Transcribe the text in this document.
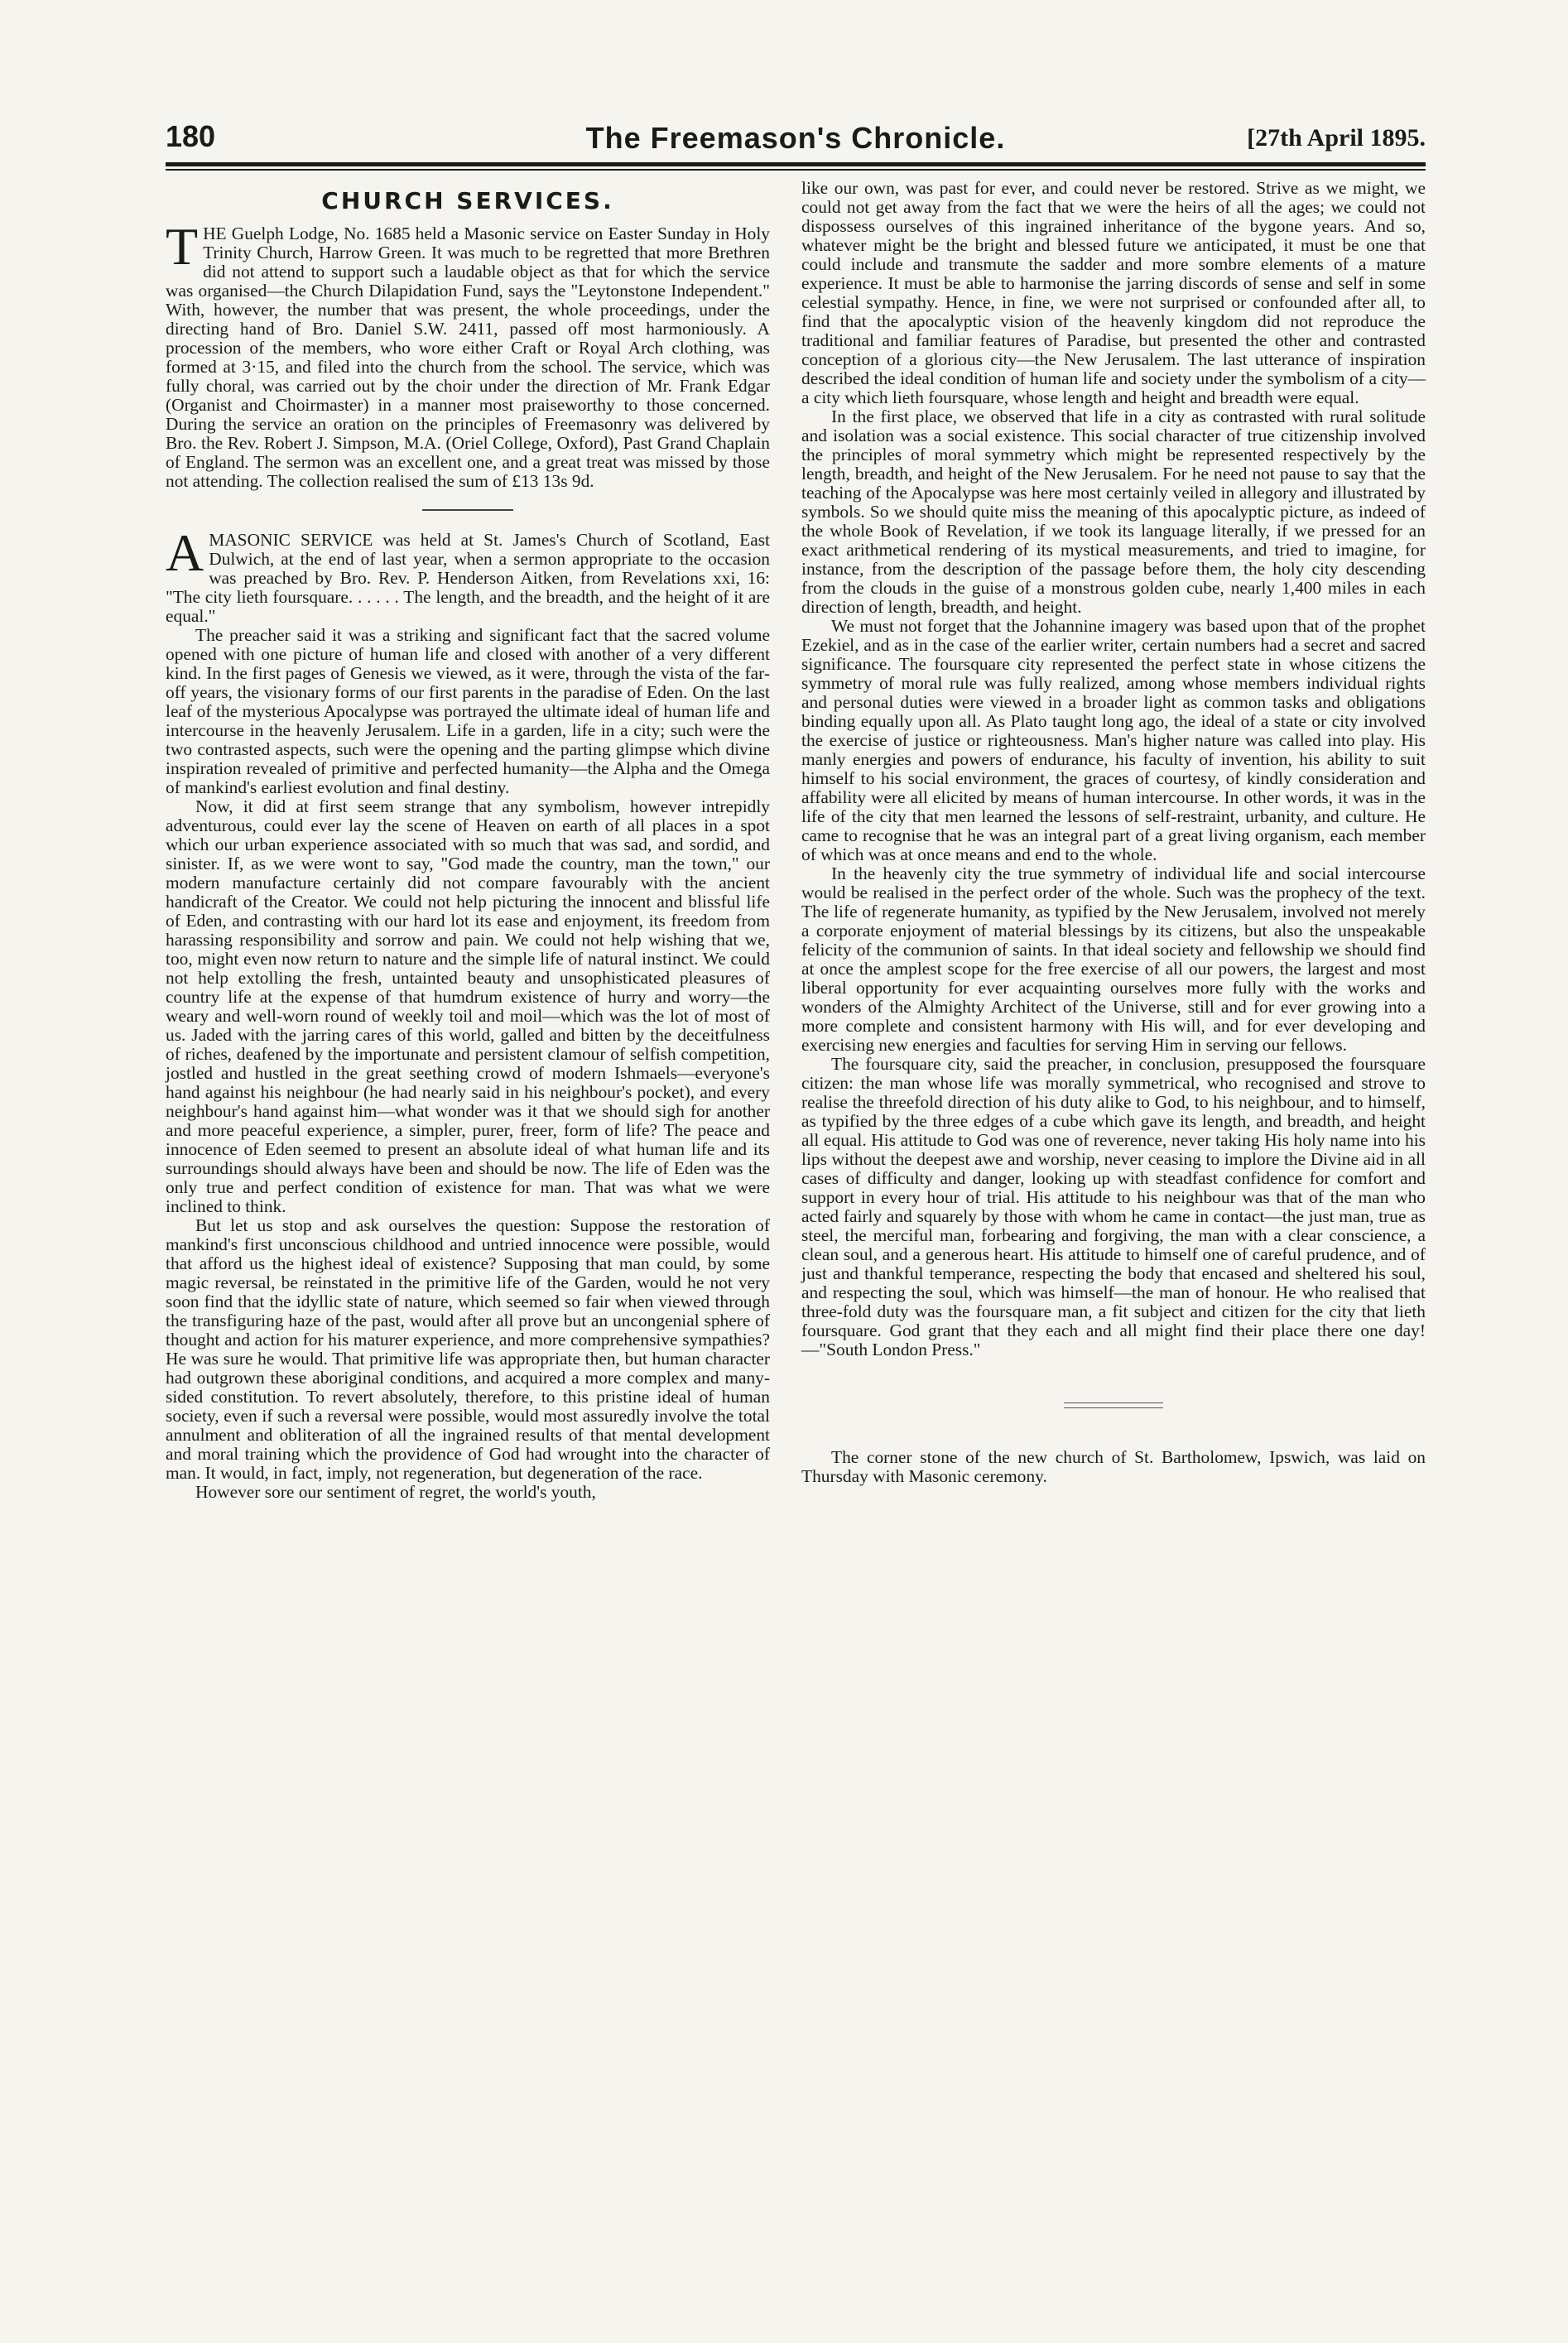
180	The Freemason's Chronicle.	[27th April 1895.
CHURCH SERVICES.

THE Guelph Lodge, No. 1685 held a Masonic service on Easter Sunday in Holy Trinity Church, Harrow Green. It was much to be regretted that more Brethren did not attend to support such a laudable object as that for which the service was organised—the Church Dilapidation Fund, says the "Leytonstone Independent." With, however, the number that was present, the whole proceedings, under the directing hand of Bro. Daniel S.W. 2411, passed off most harmoniously. A procession of the members, who wore either Craft or Royal Arch clothing, was formed at 3·15, and filed into the church from the school. The service, which was fully choral, was carried out by the choir under the direction of Mr. Frank Edgar (Organist and Choirmaster) in a manner most praiseworthy to those concerned. During the service an oration on the principles of Freemasonry was delivered by Bro. the Rev. Robert J. Simpson, M.A. (Oriel College, Oxford), Past Grand Chaplain of England. The sermon was an excellent one, and a great treat was missed by those not attending. The collection realised the sum of £13 13s 9d.

AMASONIC SERVICE was held at St. James's Church of Scotland, East Dulwich, at the end of last year, when a sermon appropriate to the occasion was preached by Bro. Rev. P. Henderson Aitken, from Revelations xxi, 16: "The city lieth foursquare. . . . . . The length, and the breadth, and the height of it are equal."

The preacher said it was a striking and significant fact that the sacred volume opened with one picture of human life and closed with another of a very different kind. In the first pages of Genesis we viewed, as it were, through the vista of the far-off years, the visionary forms of our first parents in the paradise of Eden. On the last leaf of the mysterious Apocalypse was portrayed the ultimate ideal of human life and intercourse in the heavenly Jerusalem. Life in a garden, life in a city; such were the two contrasted aspects, such were the opening and the parting glimpse which divine inspiration revealed of primitive and perfected humanity—the Alpha and the Omega of mankind's earliest evolution and final destiny.

Now, it did at first seem strange that any symbolism, however intrepidly adventurous, could ever lay the scene of Heaven on earth of all places in a spot which our urban experience associated with so much that was sad, and sordid, and sinister. If, as we were wont to say, "God made the country, man the town," our modern manufacture certainly did not compare favourably with the ancient handicraft of the Creator. We could not help picturing the innocent and blissful life of Eden, and contrasting with our hard lot its ease and enjoyment, its freedom from harassing responsibility and sorrow and pain. We could not help wishing that we, too, might even now return to nature and the simple life of natural instinct. We could not help extolling the fresh, untainted beauty and unsophisticated pleasures of country life at the expense of that humdrum existence of hurry and worry—the weary and well-worn round of weekly toil and moil—which was the lot of most of us. Jaded with the jarring cares of this world, galled and bitten by the deceitfulness of riches, deafened by the importunate and persistent clamour of selfish competition, jostled and hustled in the great seething crowd of modern Ishmaels—everyone's hand against his neighbour (he had nearly said in his neighbour's pocket), and every neighbour's hand against him—what wonder was it that we should sigh for another and more peaceful experience, a simpler, purer, freer, form of life? The peace and innocence of Eden seemed to present an absolute ideal of what human life and its surroundings should always have been and should be now. The life of Eden was the only true and perfect condition of existence for man. That was what we were inclined to think.

But let us stop and ask ourselves the question: Suppose the restoration of mankind's first unconscious childhood and untried innocence were possible, would that afford us the highest ideal of existence? Supposing that man could, by some magic reversal, be reinstated in the primitive life of the Garden, would he not very soon find that the idyllic state of nature, which seemed so fair when viewed through the transfiguring haze of the past, would after all prove but an uncongenial sphere of thought and action for his maturer experience, and more comprehensive sympathies? He was sure he would. That primitive life was appropriate then, but human character had outgrown these aboriginal conditions, and acquired a more complex and many-sided constitution. To revert absolutely, therefore, to this pristine ideal of human society, even if such a reversal were possible, would most assuredly involve the total annulment and obliteration of all the ingrained results of that mental development and moral training which the providence of God had wrought into the character of man. It would, in fact, imply, not regeneration, but degeneration of the race.

However sore our sentiment of regret, the world's youth,

like our own, was past for ever, and could never be restored. Strive as we might, we could not get away from the fact that we were the heirs of all the ages; we could not dispossess ourselves of this ingrained inheritance of the bygone years. And so, whatever might be the bright and blessed future we anticipated, it must be one that could include and transmute the sadder and more sombre elements of a mature experience. It must be able to harmonise the jarring discords of sense and self in some celestial sympathy. Hence, in fine, we were not surprised or confounded after all, to find that the apocalyptic vision of the heavenly kingdom did not reproduce the traditional and familiar features of Paradise, but presented the other and contrasted conception of a glorious city—the New Jerusalem. The last utterance of inspiration described the ideal condition of human life and society under the symbolism of a city—a city which lieth foursquare, whose length and height and breadth were equal.

In the first place, we observed that life in a city as contrasted with rural solitude and isolation was a social existence. This social character of true citizenship involved the principles of moral symmetry which might be represented respectively by the length, breadth, and height of the New Jerusalem. For he need not pause to say that the teaching of the Apocalypse was here most certainly veiled in allegory and illustrated by symbols. So we should quite miss the meaning of this apocalyptic picture, as indeed of the whole Book of Revelation, if we took its language literally, if we pressed for an exact arithmetical rendering of its mystical measurements, and tried to imagine, for instance, from the description of the passage before them, the holy city descending from the clouds in the guise of a monstrous golden cube, nearly 1,400 miles in each direction of length, breadth, and height.

We must not forget that the Johannine imagery was based upon that of the prophet Ezekiel, and as in the case of the earlier writer, certain numbers had a secret and sacred significance. The foursquare city represented the perfect state in whose citizens the symmetry of moral rule was fully realized, among whose members individual rights and personal duties were viewed in a broader light as common tasks and obligations binding equally upon all. As Plato taught long ago, the ideal of a state or city involved the exercise of justice or righteousness. Man's higher nature was called into play. His manly energies and powers of endurance, his faculty of invention, his ability to suit himself to his social environment, the graces of courtesy, of kindly consideration and affability were all elicited by means of human intercourse. In other words, it was in the life of the city that men learned the lessons of self-restraint, urbanity, and culture. He came to recognise that he was an integral part of a great living organism, each member of which was at once means and end to the whole.

In the heavenly city the true symmetry of individual life and social intercourse would be realised in the perfect order of the whole. Such was the prophecy of the text. The life of regenerate humanity, as typified by the New Jerusalem, involved not merely a corporate enjoyment of material blessings by its citizens, but also the unspeakable felicity of the communion of saints. In that ideal society and fellowship we should find at once the amplest scope for the free exercise of all our powers, the largest and most liberal opportunity for ever acquainting ourselves more fully with the works and wonders of the Almighty Architect of the Universe, still and for ever growing into a more complete and consistent harmony with His will, and for ever developing and exercising new energies and faculties for serving Him in serving our fellows.

The foursquare city, said the preacher, in conclusion, presupposed the foursquare citizen: the man whose life was morally symmetrical, who recognised and strove to realise the threefold direction of his duty alike to God, to his neighbour, and to himself, as typified by the three edges of a cube which gave its length, and breadth, and height all equal. His attitude to God was one of reverence, never taking His holy name into his lips without the deepest awe and worship, never ceasing to implore the Divine aid in all cases of difficulty and danger, looking up with steadfast confidence for comfort and support in every hour of trial. His attitude to his neighbour was that of the man who acted fairly and squarely by those with whom he came in contact—the just man, true as steel, the merciful man, forbearing and forgiving, the man with a clear conscience, a clean soul, and a generous heart. His attitude to himself one of careful prudence, and of just and thankful temperance, respecting the body that encased and sheltered his soul, and respecting the soul, which was himself—the man of honour. He who realised that three-fold duty was the foursquare man, a fit subject and citizen for the city that lieth foursquare. God grant that they each and all might find their place there one day!—"South London Press."

The corner stone of the new church of St. Bartholomew, Ipswich, was laid on Thursday with Masonic ceremony.
